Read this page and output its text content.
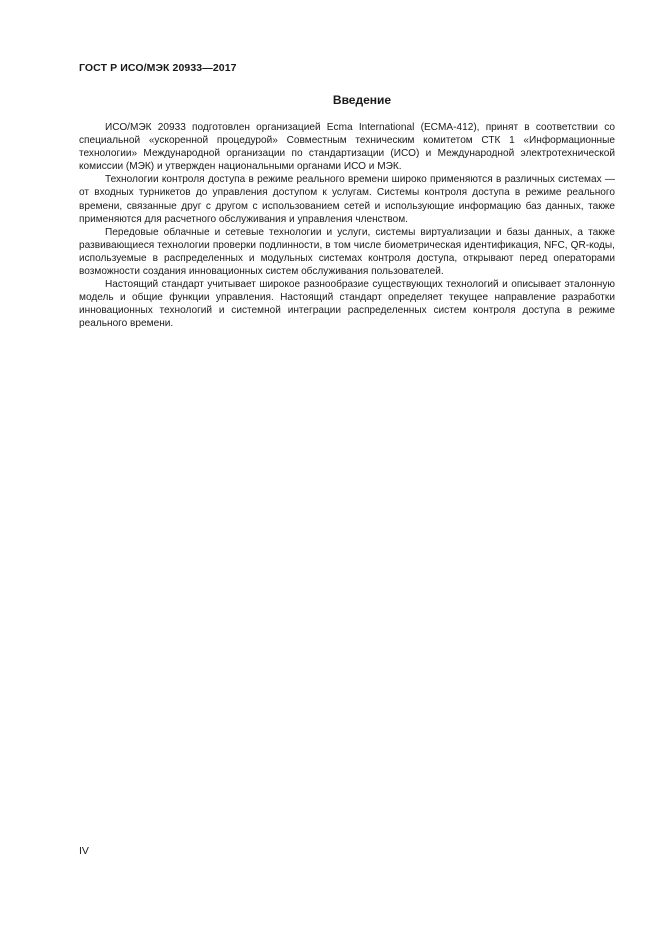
ГОСТ Р ИСО/МЭК 20933—2017
Введение

ИСО/МЭК 20933 подготовлен организацией Ecma International (ECMA-412), принят в соответствии со специальной «ускоренной процедурой» Совместным техническим комитетом СТК 1 «Информационные технологии» Международной организации по стандартизации (ИСО) и Международной электротехнической комиссии (МЭК) и утвержден национальными органами ИСО и МЭК.

Технологии контроля доступа в режиме реального времени широко применяются в различных системах — от входных турникетов до управления доступом к услугам. Системы контроля доступа в режиме реального времени, связанные друг с другом с использованием сетей и использующие информацию баз данных, также применяются для расчетного обслуживания и управления членством.

Передовые облачные и сетевые технологии и услуги, системы виртуализации и базы данных, а также развивающиеся технологии проверки подлинности, в том числе биометрическая идентификация, NFC, QR-коды, используемые в распределенных и модульных системах контроля доступа, открывают перед операторами возможности создания инновационных систем обслуживания пользователей.

Настоящий стандарт учитывает широкое разнообразие существующих технологий и описывает эталонную модель и общие функции управления. Настоящий стандарт определяет текущее направление разработки инновационных технологий и системной интеграции распределенных систем контроля доступа в режиме реального времени.

IV
